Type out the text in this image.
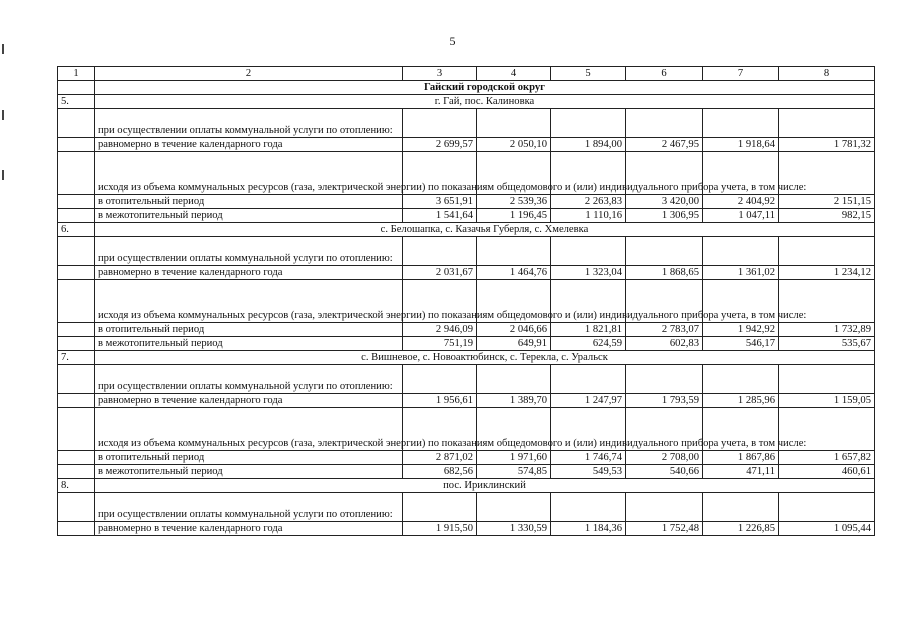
5
1	2	3	4	5	6	7	8
	Гайский городской округ						
5.	г. Гай, пос. Калиновка						
	при осуществлении оплаты коммунальной услуги по отоплению:						
	равномерно в течение календарного года	2 699,57	2 050,10	1 894,00	2 467,95	1 918,64	1 781,32
	исходя из объема коммунальных ресурсов (газа, электрической энергии) по показаниям общедомового и (или) индивидуального прибора учета, в том числе:						
	в отопительный период	3 651,91	2 539,36	2 263,83	3 420,00	2 404,92	2 151,15
	в межотопительный период	1 541,64	1 196,45	1 110,16	1 306,95	1 047,11	982,15
6.	с. Белошапка, с. Казачья Губерля, с. Хмелевка						
	при осуществлении оплаты коммунальной услуги по отоплению:						
	равномерно в течение календарного года	2 031,67	1 464,76	1 323,04	1 868,65	1 361,02	1 234,12
	исходя из объема коммунальных ресурсов (газа, электрической энергии) по показаниям общедомового и (или) индивидуального прибора учета, в том числе:						
	в отопительный период	2 946,09	2 046,66	1 821,81	2 783,07	1 942,92	1 732,89
	в межотопительный период	751,19	649,91	624,59	602,83	546,17	535,67
7.	с. Вишневое, с. Новоактюбинск, с. Терекла, с. Уральск						
	при осуществлении оплаты коммунальной услуги по отоплению:						
	равномерно в течение календарного года	1 956,61	1 389,70	1 247,97	1 793,59	1 285,96	1 159,05
	исходя из объема коммунальных ресурсов (газа, электрической энергии) по показаниям общедомового и (или) индивидуального прибора учета, в том числе:						
	в отопительный период	2 871,02	1 971,60	1 746,74	2 708,00	1 867,86	1 657,82
	в межотопительный период	682,56	574,85	549,53	540,66	471,11	460,61
8.	пос. Ириклинский						
	при осуществлении оплаты коммунальной услуги по отоплению:						
	равномерно в течение календарного года	1 915,50	1 330,59	1 184,36	1 752,48	1 226,85	1 095,44
